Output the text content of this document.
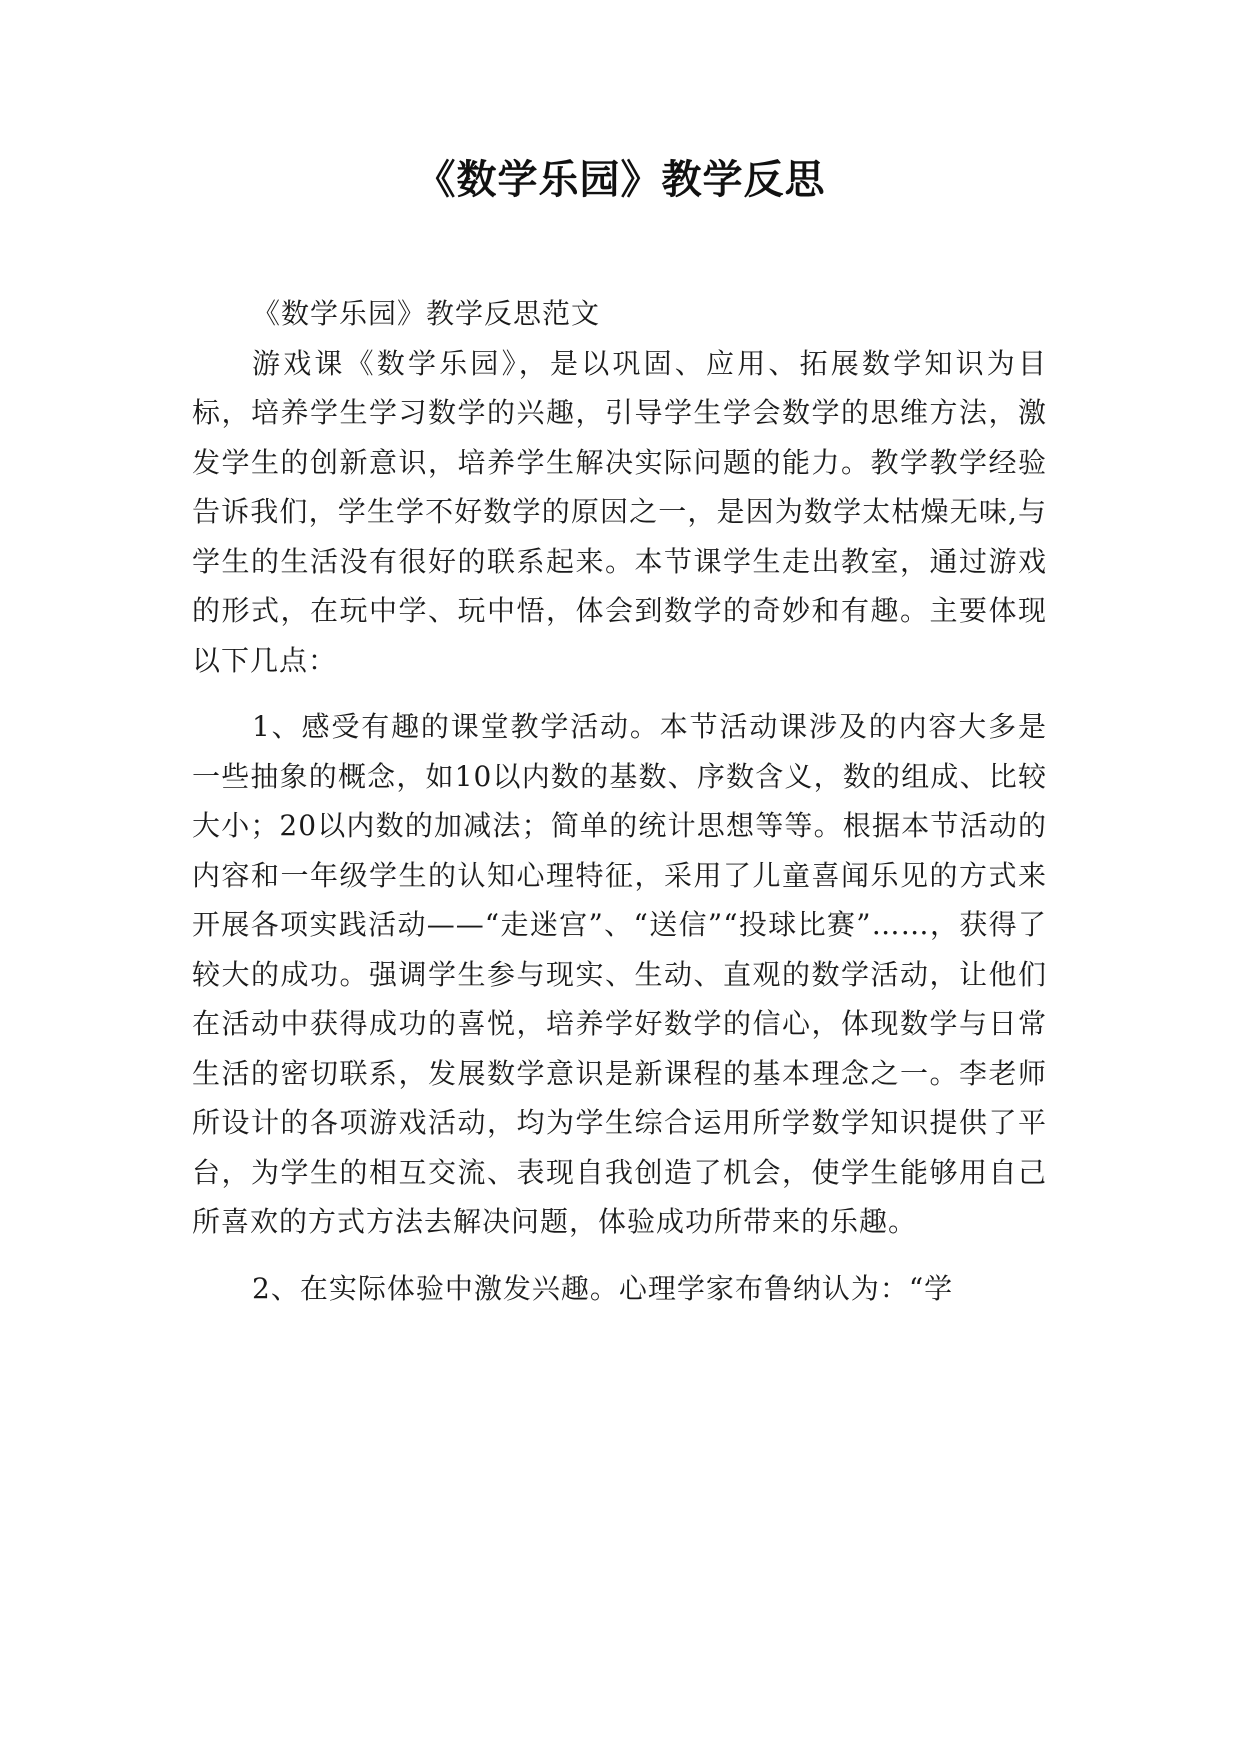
《数学乐园》教学反思

《数学乐园》教学反思范文

游戏课《数学乐园》，是以巩固、应用、拓展数学知识为目标，培养学生学习数学的兴趣，引导学生学会数学的思维方法，激发学生的创新意识，培养学生解决实际问题的能力。教学教学经验告诉我们，学生学不好数学的原因之一，是因为数学太枯燥无味,与学生的生活没有很好的联系起来。本节课学生走出教室，通过游戏的形式，在玩中学、玩中悟，体会到数学的奇妙和有趣。主要体现以下几点：

1、感受有趣的课堂教学活动。本节活动课涉及的内容大多是一些抽象的概念，如10以内数的基数、序数含义，数的组成、比较大小；20以内数的加减法；简单的统计思想等等。根据本节活动的内容和一年级学生的认知心理特征，采用了儿童喜闻乐见的方式来开展各项实践活动——“走迷宫”、“送信”“投球比赛”……，获得了较大的成功。强调学生参与现实、生动、直观的数学活动，让他们在活动中获得成功的喜悦，培养学好数学的信心，体现数学与日常生活的密切联系，发展数学意识是新课程的基本理念之一。李老师所设计的各项游戏活动，均为学生综合运用所学数学知识提供了平台，为学生的相互交流、表现自我创造了机会，使学生能够用自己所喜欢的方式方法去解决问题，体验成功所带来的乐趣。

2、在实际体验中激发兴趣。心理学家布鲁纳认为：“学
